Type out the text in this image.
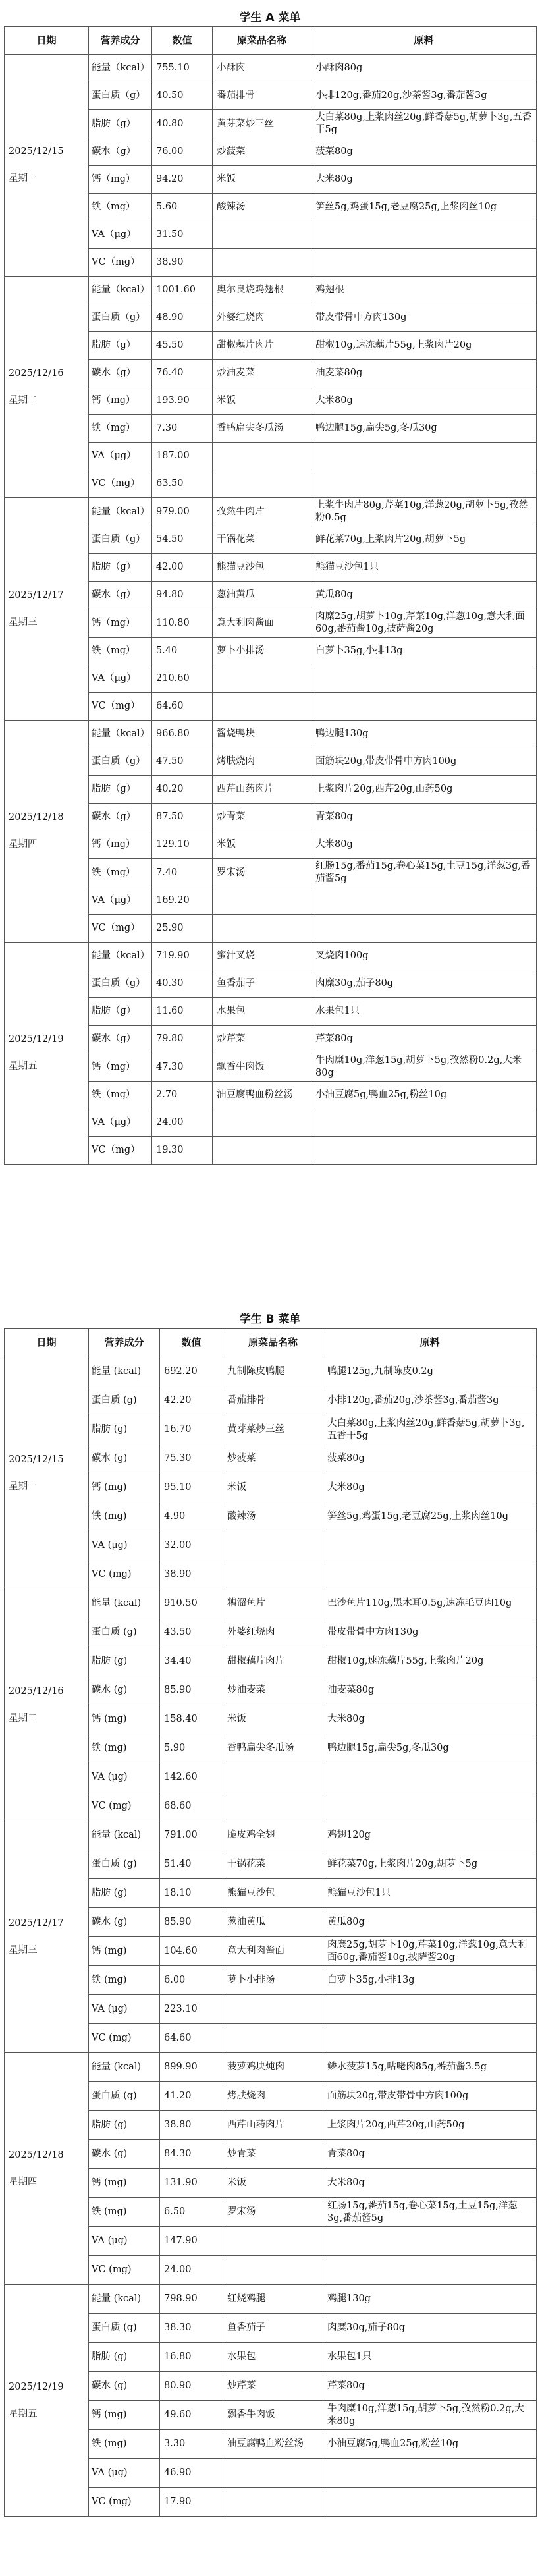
学生 A 菜单
日期	营养成分	数值	原菜品名称	原料

2025/12/15
星期一	能量（kcal）	755.10	小酥肉	小酥肉80g
	蛋白质（g）	40.50	番茄排骨	小排120g,番茄20g,沙茶酱3g,番茄酱3g
	脂肪（g）	40.80	黄芽菜炒三丝	大白菜80g,上浆肉丝20g,鲜香菇5g,胡萝卜3g,五香干5g
	碳水（g）	76.00	炒菠菜	菠菜80g
	钙（mg）	94.20	米饭	大米80g
	铁（mg）	5.60	酸辣汤	笋丝5g,鸡蛋15g,老豆腐25g,上浆肉丝10g
	VA（μg）	31.50		
	VC（mg）	38.90		

2025/12/16
星期二	能量（kcal）	1001.60	奥尔良烧鸡翅根	鸡翅根
	蛋白质（g）	48.90	外婆红烧肉	带皮带骨中方肉130g
	脂肪（g）	45.50	甜椒藕片肉片	甜椒10g,速冻藕片55g,上浆肉片20g
	碳水（g）	76.40	炒油麦菜	油麦菜80g
	钙（mg）	193.90	米饭	大米80g
	铁（mg）	7.30	香鸭扁尖冬瓜汤	鸭边腿15g,扁尖5g,冬瓜30g
	VA（μg）	187.00		
	VC（mg）	63.50		

2025/12/17
星期三	能量（kcal）	979.00	孜然牛肉片	上浆牛肉片80g,芹菜10g,洋葱20g,胡萝卜5g,孜然粉0.5g
	蛋白质（g）	54.50	干锅花菜	鲜花菜70g,上浆肉片20g,胡萝卜5g
	脂肪（g）	42.00	熊猫豆沙包	熊猫豆沙包1只
	碳水（g）	94.80	葱油黄瓜	黄瓜80g
	钙（mg）	110.80	意大利肉酱面	肉糜25g,胡萝卜10g,芹菜10g,洋葱10g,意大利面60g,番茄酱10g,披萨酱20g
	铁（mg）	5.40	萝卜小排汤	白萝卜35g,小排13g
	VA（μg）	210.60		
	VC（mg）	64.60		

2025/12/18
星期四	能量（kcal）	966.80	酱烧鸭块	鸭边腿130g
	蛋白质（g）	47.50	烤肤烧肉	面筋块20g,带皮带骨中方肉100g
	脂肪（g）	40.20	西芹山药肉片	上浆肉片20g,西芹20g,山药50g
	碳水（g）	87.50	炒青菜	青菜80g
	钙（mg）	129.10	米饭	大米80g
	铁（mg）	7.40	罗宋汤	红肠15g,番茄15g,卷心菜15g,土豆15g,洋葱3g,番茄酱5g
	VA（μg）	169.20		
	VC（mg）	25.90		

2025/12/19
星期五	能量（kcal）	719.90	蜜汁叉烧	叉烧肉100g
	蛋白质（g）	40.30	鱼香茄子	肉糜30g,茄子80g
	脂肪（g）	11.60	水果包	水果包1只
	碳水（g）	79.80	炒芹菜	芹菜80g
	钙（mg）	47.30	飘香牛肉饭	牛肉糜10g,洋葱15g,胡萝卜5g,孜然粉0.2g,大米80g
	铁（mg）	2.70	油豆腐鸭血粉丝汤	小油豆腐5g,鸭血25g,粉丝10g
	VA（μg）	24.00		
	VC（mg）	19.30		
学生 B 菜单
日期	营养成分	数值	原菜品名称	原料

2025/12/15
星期一	能量 (kcal)	692.20	九制陈皮鸭腿	鸭腿125g,九制陈皮0.2g
	蛋白质 (g)	42.20	番茄排骨	小排120g,番茄20g,沙茶酱3g,番茄酱3g
	脂肪 (g)	16.70	黄芽菜炒三丝	大白菜80g,上浆肉丝20g,鲜香菇5g,胡萝卜3g,五香干5g
	碳水 (g)	75.30	炒菠菜	菠菜80g
	钙 (mg)	95.10	米饭	大米80g
	铁 (mg)	4.90	酸辣汤	笋丝5g,鸡蛋15g,老豆腐25g,上浆肉丝10g
	VA (μg)	32.00		
	VC (mg)	38.90		

2025/12/16
星期二	能量 (kcal)	910.50	糟溜鱼片	巴沙鱼片110g,黑木耳0.5g,速冻毛豆肉10g
	蛋白质 (g)	43.50	外婆红烧肉	带皮带骨中方肉130g
	脂肪 (g)	34.40	甜椒藕片肉片	甜椒10g,速冻藕片55g,上浆肉片20g
	碳水 (g)	85.90	炒油麦菜	油麦菜80g
	钙 (mg)	158.40	米饭	大米80g
	铁 (mg)	5.90	香鸭扁尖冬瓜汤	鸭边腿15g,扁尖5g,冬瓜30g
	VA (μg)	142.60		
	VC (mg)	68.60		

2025/12/17
星期三	能量 (kcal)	791.00	脆皮鸡全翅	鸡翅120g
	蛋白质 (g)	51.40	干锅花菜	鲜花菜70g,上浆肉片20g,胡萝卜5g
	脂肪 (g)	18.10	熊猫豆沙包	熊猫豆沙包1只
	碳水 (g)	85.90	葱油黄瓜	黄瓜80g
	钙 (mg)	104.60	意大利肉酱面	肉糜25g,胡萝卜10g,芹菜10g,洋葱10g,意大利面60g,番茄酱10g,披萨酱20g
	铁 (mg)	6.00	萝卜小排汤	白萝卜35g,小排13g
	VA (μg)	223.10		
	VC (mg)	64.60		

2025/12/18
星期四	能量 (kcal)	899.90	菠萝鸡块炖肉	鳞水菠萝15g,咕咾肉85g,番茄酱3.5g
	蛋白质 (g)	41.20	烤肤烧肉	面筋块20g,带皮带骨中方肉100g
	脂肪 (g)	38.80	西芹山药肉片	上浆肉片20g,西芹20g,山药50g
	碳水 (g)	84.30	炒青菜	青菜80g
	钙 (mg)	131.90	米饭	大米80g
	铁 (mg)	6.50	罗宋汤	红肠15g,番茄15g,卷心菜15g,土豆15g,洋葱3g,番茄酱5g
	VA (μg)	147.90		
	VC (mg)	24.00		

2025/12/19
星期五	能量 (kcal)	798.90	红烧鸡腿	鸡腿130g
	蛋白质 (g)	38.30	鱼香茄子	肉糜30g,茄子80g
	脂肪 (g)	16.80	水果包	水果包1只
	碳水 (g)	80.90	炒芹菜	芹菜80g
	钙 (mg)	49.60	飘香牛肉饭	牛肉糜10g,洋葱15g,胡萝卜5g,孜然粉0.2g,大米80g
	铁 (mg)	3.30	油豆腐鸭血粉丝汤	小油豆腐5g,鸭血25g,粉丝10g
	VA (μg)	46.90		
	VC (mg)	17.90		
